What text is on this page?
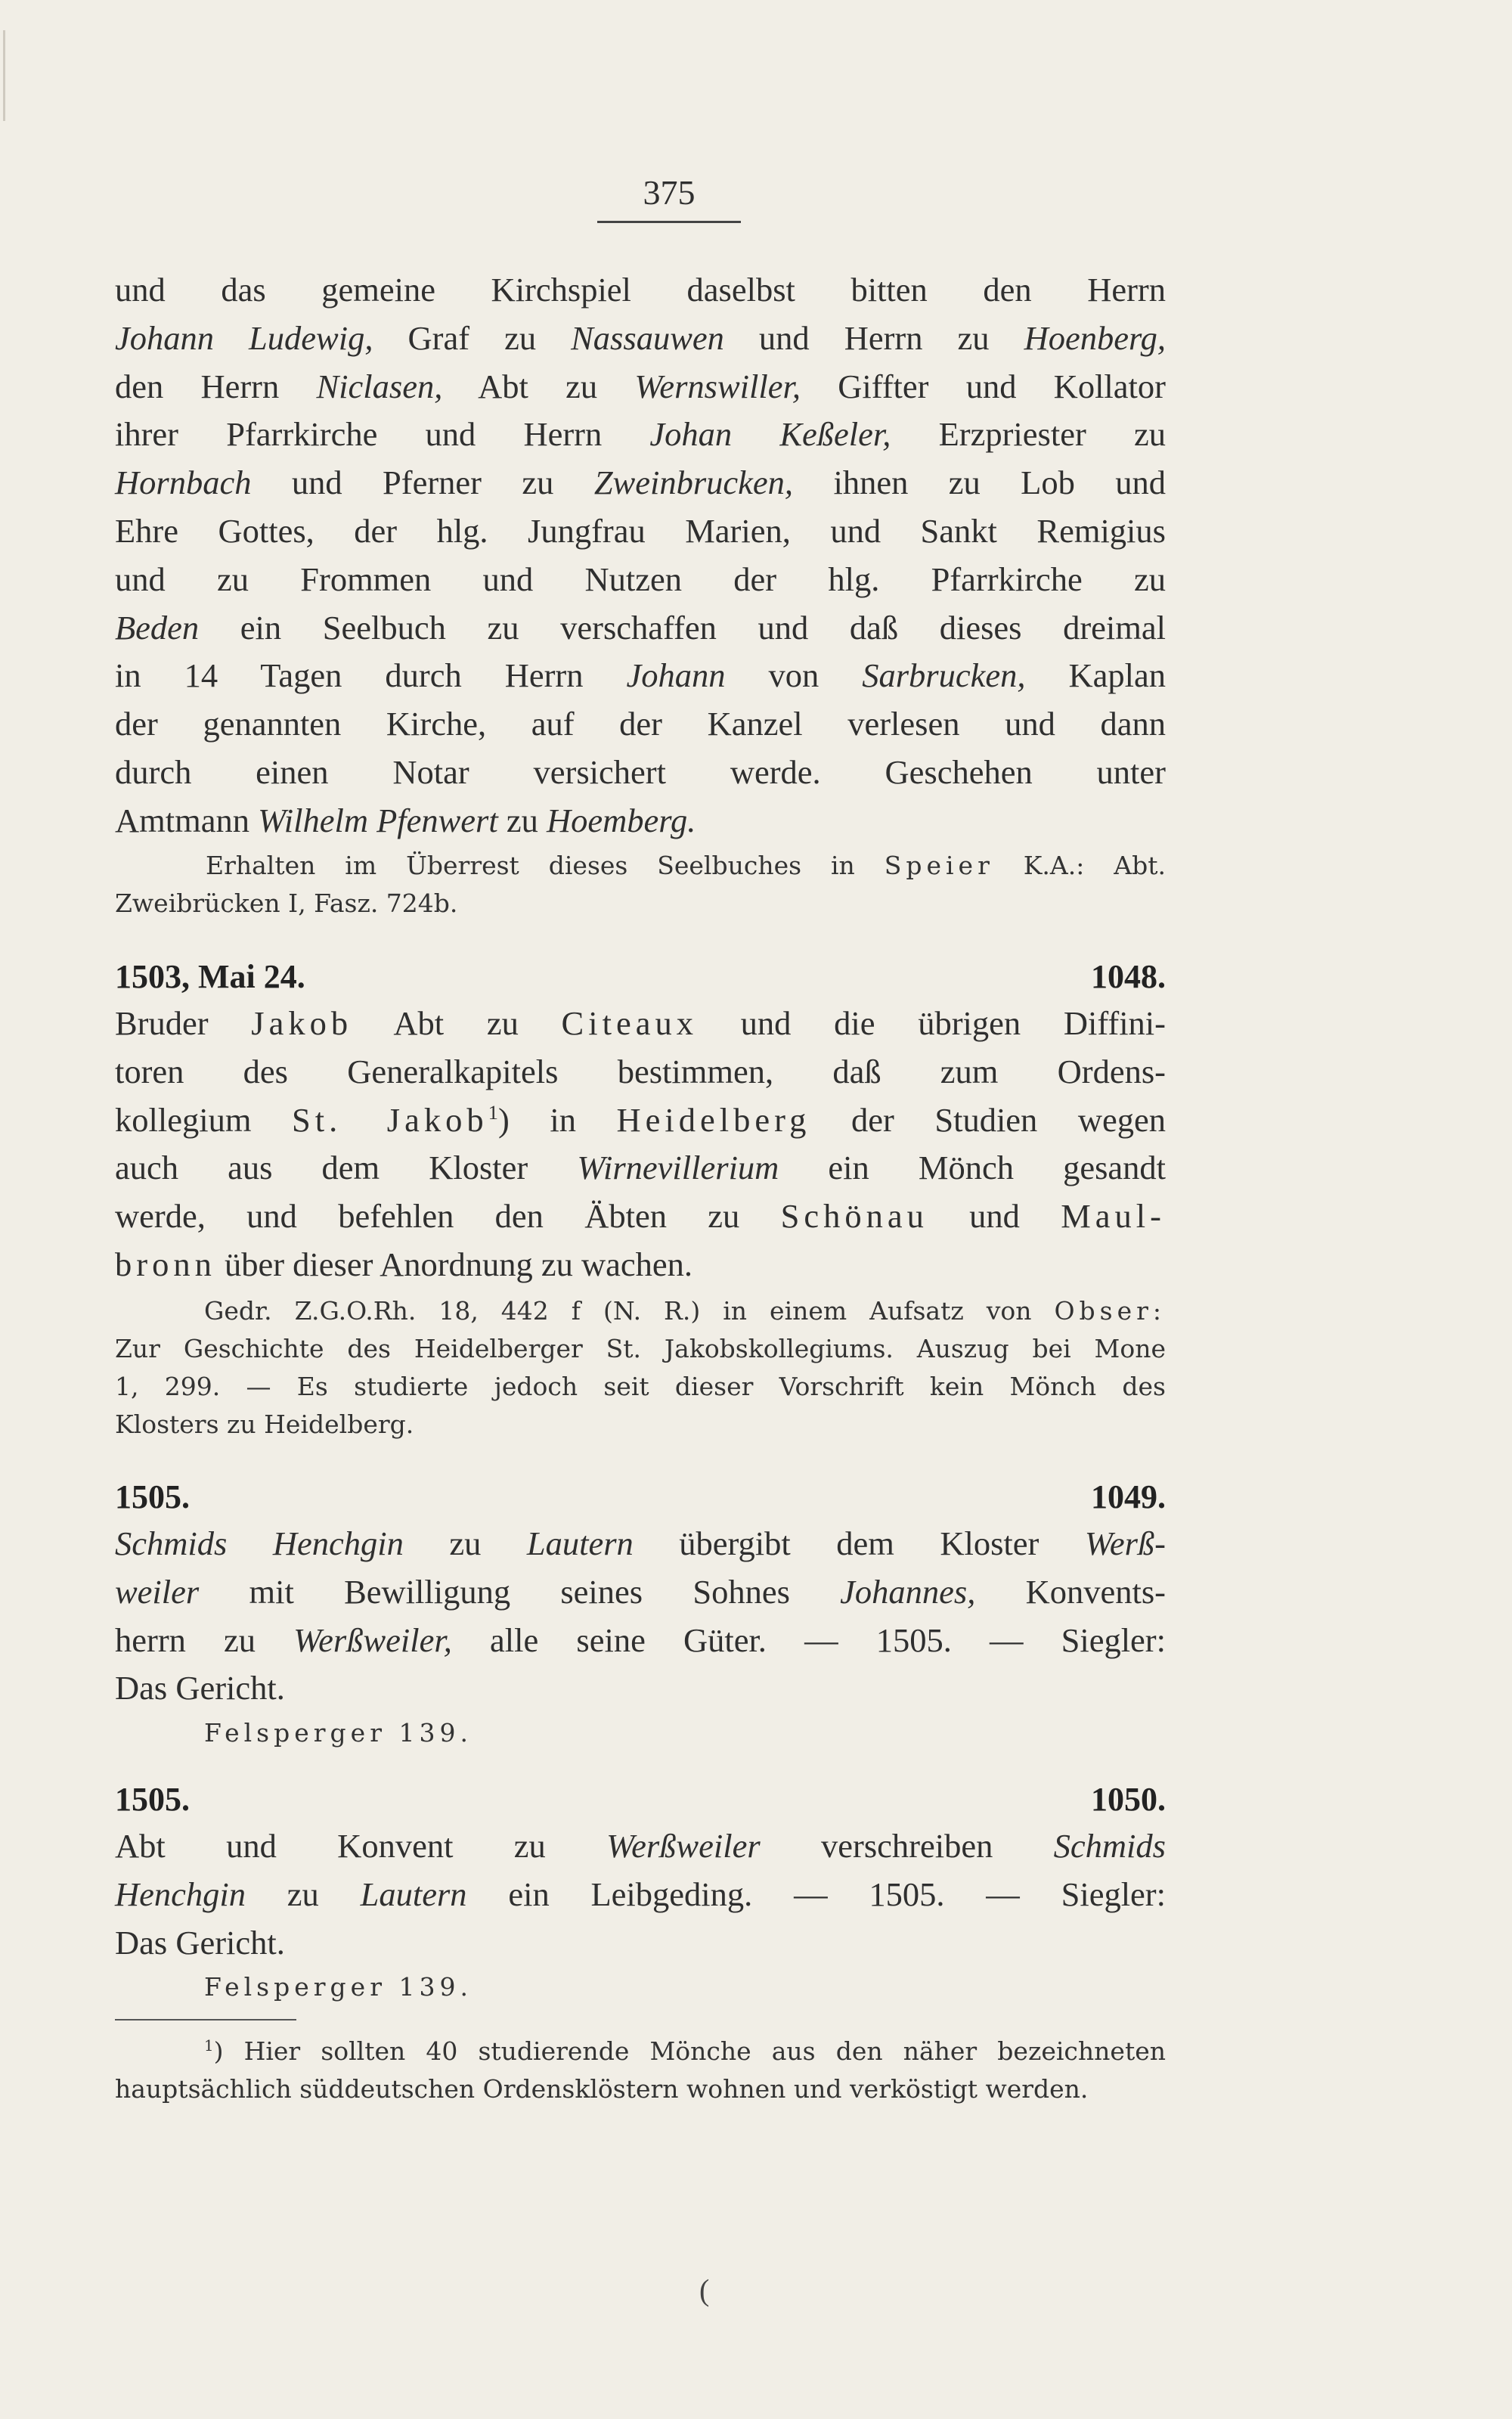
375

und das gemeine Kirchspiel daselbst bitten den Herrn

Johann Ludewig, Graf zu Nassauwen und Herrn zu Hoenberg,

den Herrn Niclasen, Abt zu Wernswiller, Giffter und Kollator

ihrer Pfarrkirche und Herrn Johan Keßeler, Erzpriester zu

Hornbach und Pferner zu Zweinbrucken, ihnen zu Lob und

Ehre Gottes, der hlg. Jungfrau Marien, und Sankt Remigius

und zu Frommen und Nutzen der hlg. Pfarrkirche zu

Beden ein Seelbuch zu verschaffen und daß dieses dreimal

in 14 Tagen durch Herrn Johann von Sarbrucken, Kaplan

der genannten Kirche, auf der Kanzel verlesen und dann

durch einen Notar versichert werde. Geschehen unter

Amtmann Wilhelm Pfenwert zu Hoemberg.

Erhalten im Überrest dieses Seelbuches in Speier K.A.: Abt.

Zweibrücken I, Fasz. 724b.

1503, Mai 24.	1048.

Bruder Jakob Abt zu Citeaux und die übrigen Diffini-

toren des Generalkapitels bestimmen, daß zum Ordens-

kollegium St. Jakob$^1$) in Heidelberg der Studien wegen

auch aus dem Kloster Wirnevillerium ein Mönch gesandt

werde, und befehlen den Äbten zu Schönau und Maul-

bronn über dieser Anordnung zu wachen.

Gedr. Z.G.O.Rh. 18, 442 f (N. R.) in einem Aufsatz von Obser:

Zur Geschichte des Heidelberger St. Jakobskollegiums. Auszug bei Mone

1, 299. — Es studierte jedoch seit dieser Vorschrift kein Mönch des

Klosters zu Heidelberg.

1505.	1049.

Schmids Henchgin zu Lautern übergibt dem Kloster Werß-

weiler mit Bewilligung seines Sohnes Johannes, Konvents-

herrn zu Werßweiler, alle seine Güter. — 1505. — Siegler:

Das Gericht.

Felsperger 139.

1505.	1050.

Abt und Konvent zu Werßweiler verschreiben Schmids

Henchgin zu Lautern ein Leibgeding. — 1505. — Siegler:

Das Gericht.

Felsperger 139.

$^1$) Hier sollten 40 studierende Mönche aus den näher bezeichneten

hauptsächlich süddeutschen Ordensklöstern wohnen und verköstigt werden.

(
